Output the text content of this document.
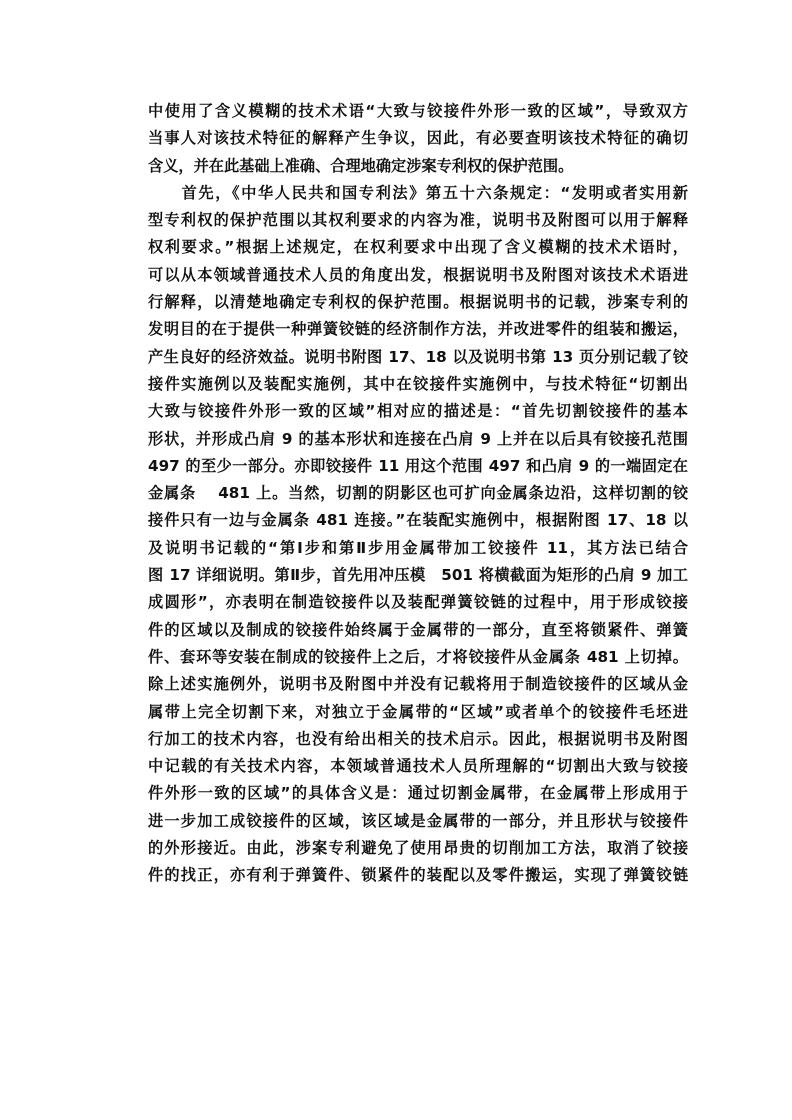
中使用了含义模糊的技术术语“大致与铰接件外形一致的区域”，导致双方
当事人对该技术特征的解释产生争议，因此，有必要查明该技术特征的确切
含义，并在此基础上准确、合理地确定涉案专利权的保护范围。
　　首先，《中华人民共和国专利法》第五十六条规定：“发明或者实用新
型专利权的保护范围以其权利要求的内容为准，说明书及附图可以用于解释
权利要求。”根据上述规定，在权利要求中出现了含义模糊的技术术语时，
可以从本领域普通技术人员的角度出发，根据说明书及附图对该技术术语进
行解释，以清楚地确定专利权的保护范围。根据说明书的记载，涉案专利的
发明目的在于提供一种弹簧铰链的经济制作方法，并改进零件的组装和搬运，
产生良好的经济效益。说明书附图 17、18 以及说明书第 13 页分别记载了铰
接件实施例以及装配实施例，其中在铰接件实施例中，与技术特征“切割出
大致与铰接件外形一致的区域”相对应的描述是：“首先切割铰接件的基本
形状，并形成凸肩 9 的基本形状和连接在凸肩 9 上并在以后具有铰接孔范围
497 的至少一部分。亦即铰接件 11 用这个范围 497 和凸肩 9 的一端固定在
金属条　 481 上。当然，切割的阴影区也可扩向金属条边沿，这样切割的铰
接件只有一边与金属条 481 连接。”在装配实施例中，根据附图 17、18 以
及说明书记载的“第Ⅰ步和第Ⅱ步用金属带加工铰接件 11，其方法已结合
图 17 详细说明。第Ⅱ步，首先用冲压模　501 将横截面为矩形的凸肩 9 加工
成圆形”，亦表明在制造铰接件以及装配弹簧铰链的过程中，用于形成铰接
件的区域以及制成的铰接件始终属于金属带的一部分，直至将锁紧件、弹簧
件、套环等安装在制成的铰接件上之后，才将铰接件从金属条 481 上切掉。
除上述实施例外，说明书及附图中并没有记载将用于制造铰接件的区域从金
属带上完全切割下来，对独立于金属带的“区域”或者单个的铰接件毛坯进
行加工的技术内容，也没有给出相关的技术启示。因此，根据说明书及附图
中记载的有关技术内容，本领域普通技术人员所理解的“切割出大致与铰接
件外形一致的区域”的具体含义是：通过切割金属带，在金属带上形成用于
进一步加工成铰接件的区域，该区域是金属带的一部分，并且形状与铰接件
的外形接近。由此，涉案专利避免了使用昂贵的切削加工方法，取消了铰接
件的找正，亦有利于弹簧件、锁紧件的装配以及零件搬运，实现了弹簧铰链
